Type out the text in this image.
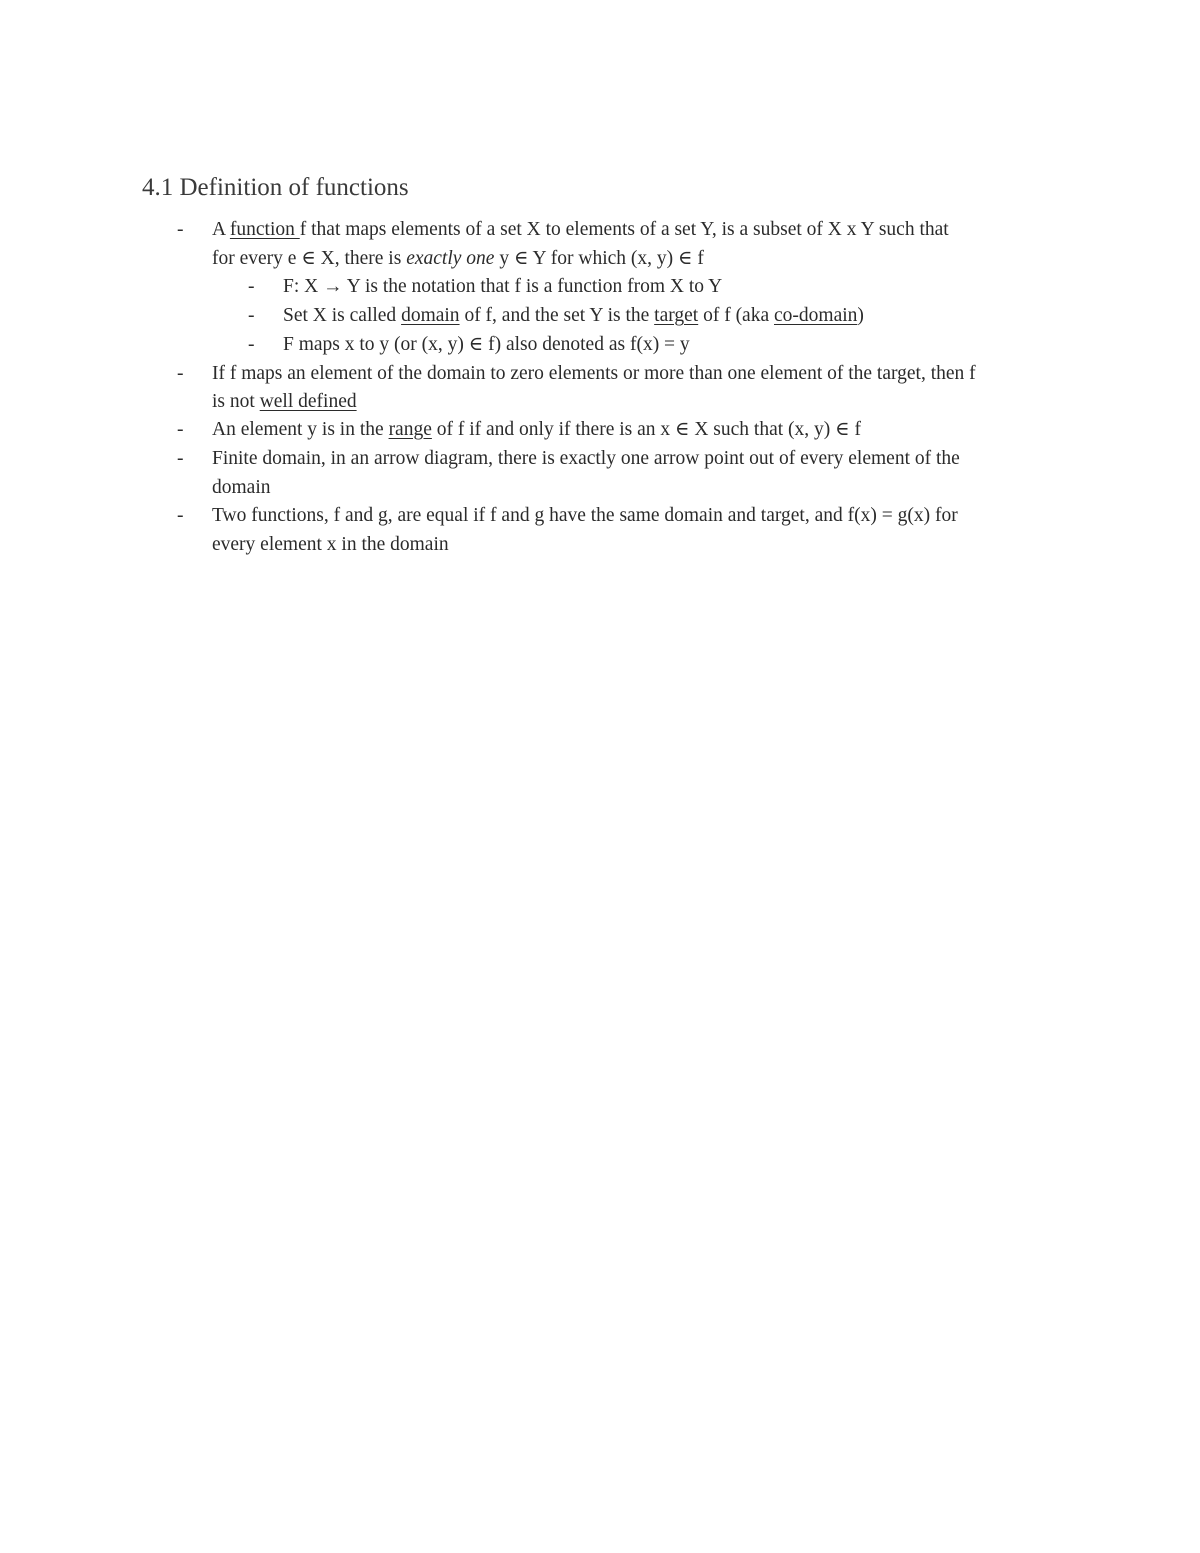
4.1 Definition of functions
- A function f that maps elements of a set X to elements of a set Y, is a subset of X x Y such that
for every e ∈ X, there is exactly one y ∈ Y for which (x, y) ∈ f
- F: X → Y is the notation that f is a function from X to Y
- Set X is called domain of f, and the set Y is the target of f (aka co-domain)
- F maps x to y (or (x, y) ∈ f) also denoted as f(x) = y
- If f maps an element of the domain to zero elements or more than one element of the target, then f
is not well defined
- An element y is in the range of f if and only if there is an x ∈ X such that (x, y) ∈ f
- Finite domain, in an arrow diagram, there is exactly one arrow point out of every element of the
domain
- Two functions, f and g, are equal if f and g have the same domain and target, and f(x) = g(x) for
every element x in the domain
